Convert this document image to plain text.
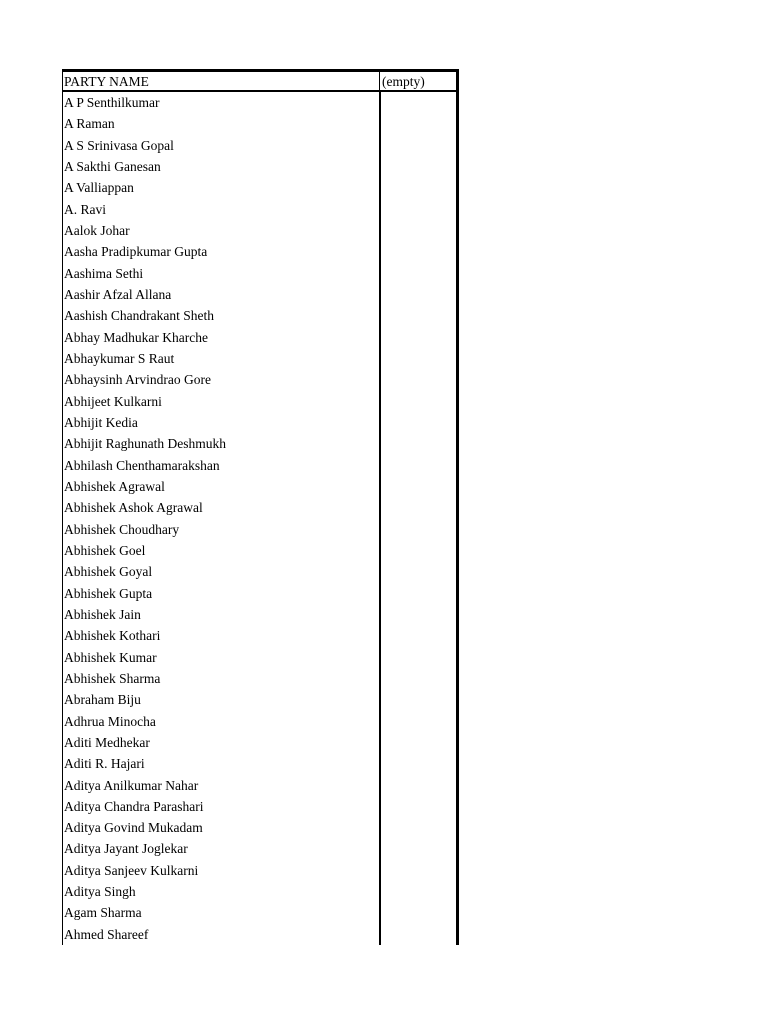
PARTY NAME	(empty)
A P Senthilkumar
A Raman
A S Srinivasa Gopal
A Sakthi Ganesan
A Valliappan
A. Ravi
Aalok Johar
Aasha Pradipkumar Gupta
Aashima Sethi
Aashir Afzal Allana
Aashish Chandrakant Sheth
Abhay Madhukar Kharche
Abhaykumar S Raut
Abhaysinh Arvindrao Gore
Abhijeet Kulkarni
Abhijit Kedia
Abhijit Raghunath Deshmukh
Abhilash Chenthamarakshan
Abhishek Agrawal
Abhishek Ashok Agrawal
Abhishek Choudhary
Abhishek Goel
Abhishek Goyal
Abhishek Gupta
Abhishek Jain
Abhishek Kothari
Abhishek Kumar
Abhishek Sharma
Abraham Biju
Adhrua Minocha
Aditi Medhekar
Aditi R. Hajari
Aditya Anilkumar Nahar
Aditya Chandra Parashari
Aditya Govind Mukadam
Aditya Jayant Joglekar
Aditya Sanjeev Kulkarni
Aditya Singh
Agam Sharma
Ahmed Shareef
